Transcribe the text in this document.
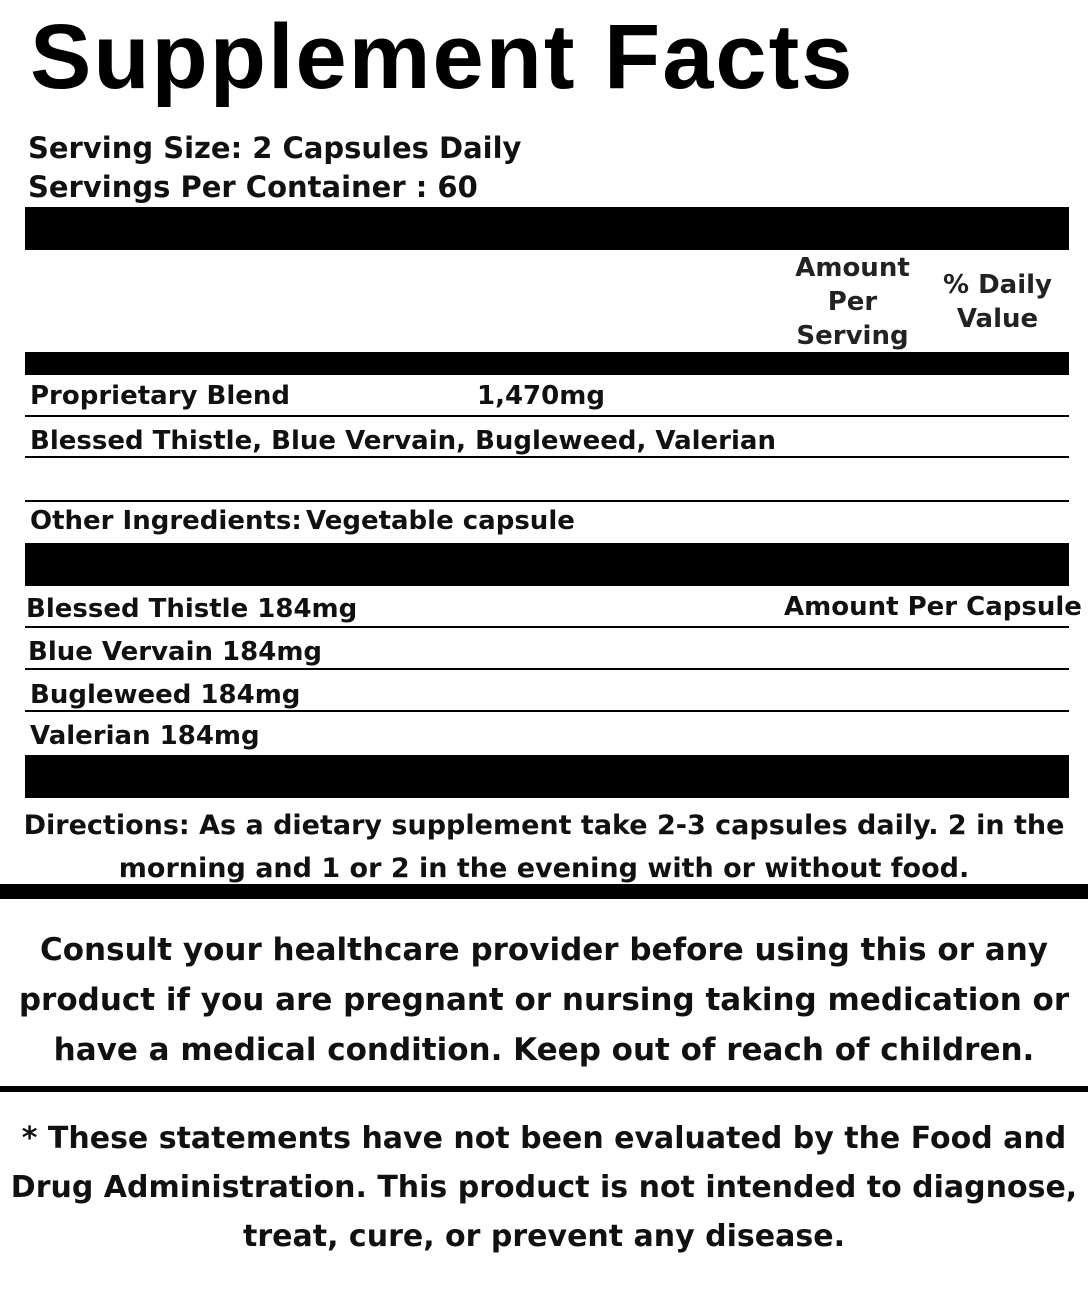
Supplement Facts
Serving Size: 2 Capsules Daily
Servings Per Container : 60
Amount
Per
Serving
% Daily
Value
Proprietary Blend	1,470mg
Blessed Thistle, Blue Vervain, Bugleweed, Valerian
Other Ingredients: Vegetable capsule
Blessed Thistle 184mg	Amount Per Capsule
Blue Vervain 184mg
Bugleweed 184mg
Valerian 184mg
Directions: As a dietary supplement take 2-3 capsules daily. 2 in the
morning and 1 or 2 in the evening with or without food.
Consult your healthcare provider before using this or any
product if you are pregnant or nursing taking medication or
have a medical condition. Keep out of reach of children.
* These statements have not been evaluated by the Food and
Drug Administration. This product is not intended to diagnose,
treat, cure, or prevent any disease.
